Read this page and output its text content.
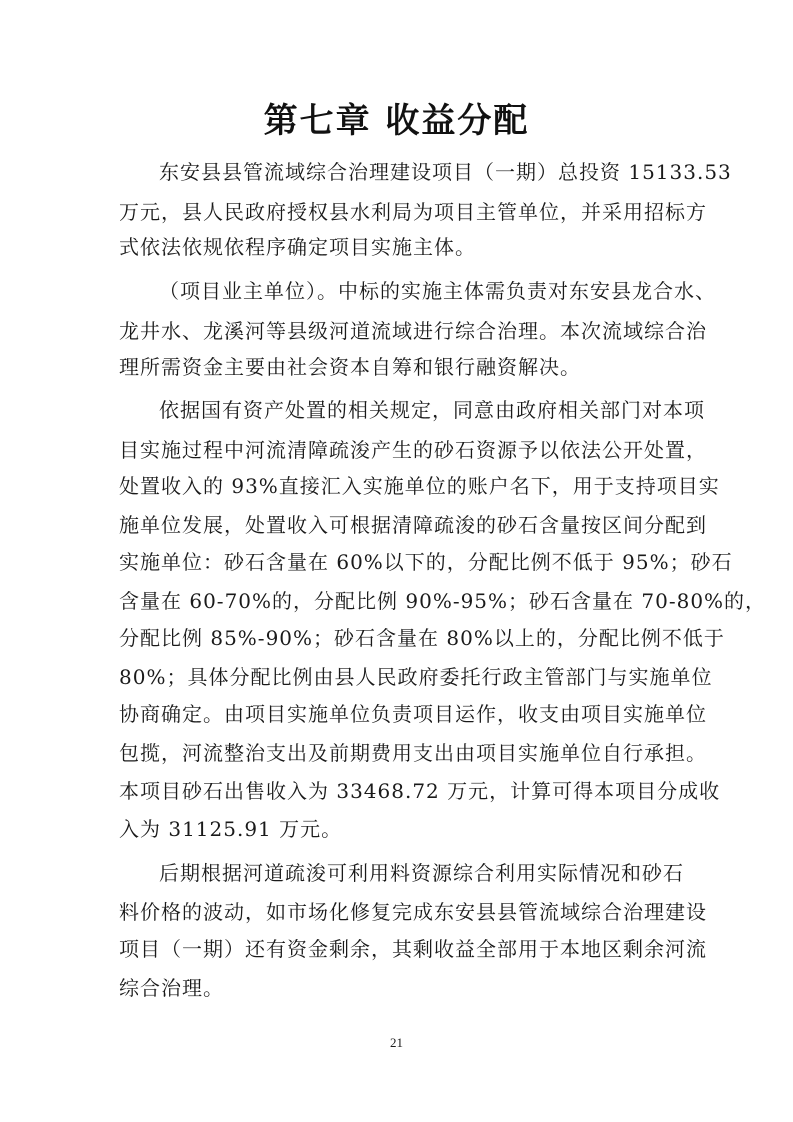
第七章 收益分配
东安县县管流域综合治理建设项目（一期）总投资 15133.53
万元，县人民政府授权县水利局为项目主管单位，并采用招标方
式依法依规依程序确定项目实施主体。
（项目业主单位）。中标的实施主体需负责对东安县龙合水、
龙井水、龙溪河等县级河道流域进行综合治理。本次流域综合治
理所需资金主要由社会资本自筹和银行融资解决。
依据国有资产处置的相关规定，同意由政府相关部门对本项
目实施过程中河流清障疏浚产生的砂石资源予以依法公开处置，
处置收入的 93%直接汇入实施单位的账户名下，用于支持项目实
施单位发展，处置收入可根据清障疏浚的砂石含量按区间分配到
实施单位：砂石含量在 60%以下的，分配比例不低于 95%；砂石
含量在 60-70%的，分配比例 90%-95%；砂石含量在 70-80%的，
分配比例 85%-90%；砂石含量在 80%以上的，分配比例不低于
80%；具体分配比例由县人民政府委托行政主管部门与实施单位
协商确定。由项目实施单位负责项目运作，收支由项目实施单位
包揽，河流整治支出及前期费用支出由项目实施单位自行承担。
本项目砂石出售收入为 33468.72 万元，计算可得本项目分成收
入为 31125.91 万元。
后期根据河道疏浚可利用料资源综合利用实际情况和砂石
料价格的波动，如市场化修复完成东安县县管流域综合治理建设
项目（一期）还有资金剩余，其剩收益全部用于本地区剩余河流
综合治理。
21
